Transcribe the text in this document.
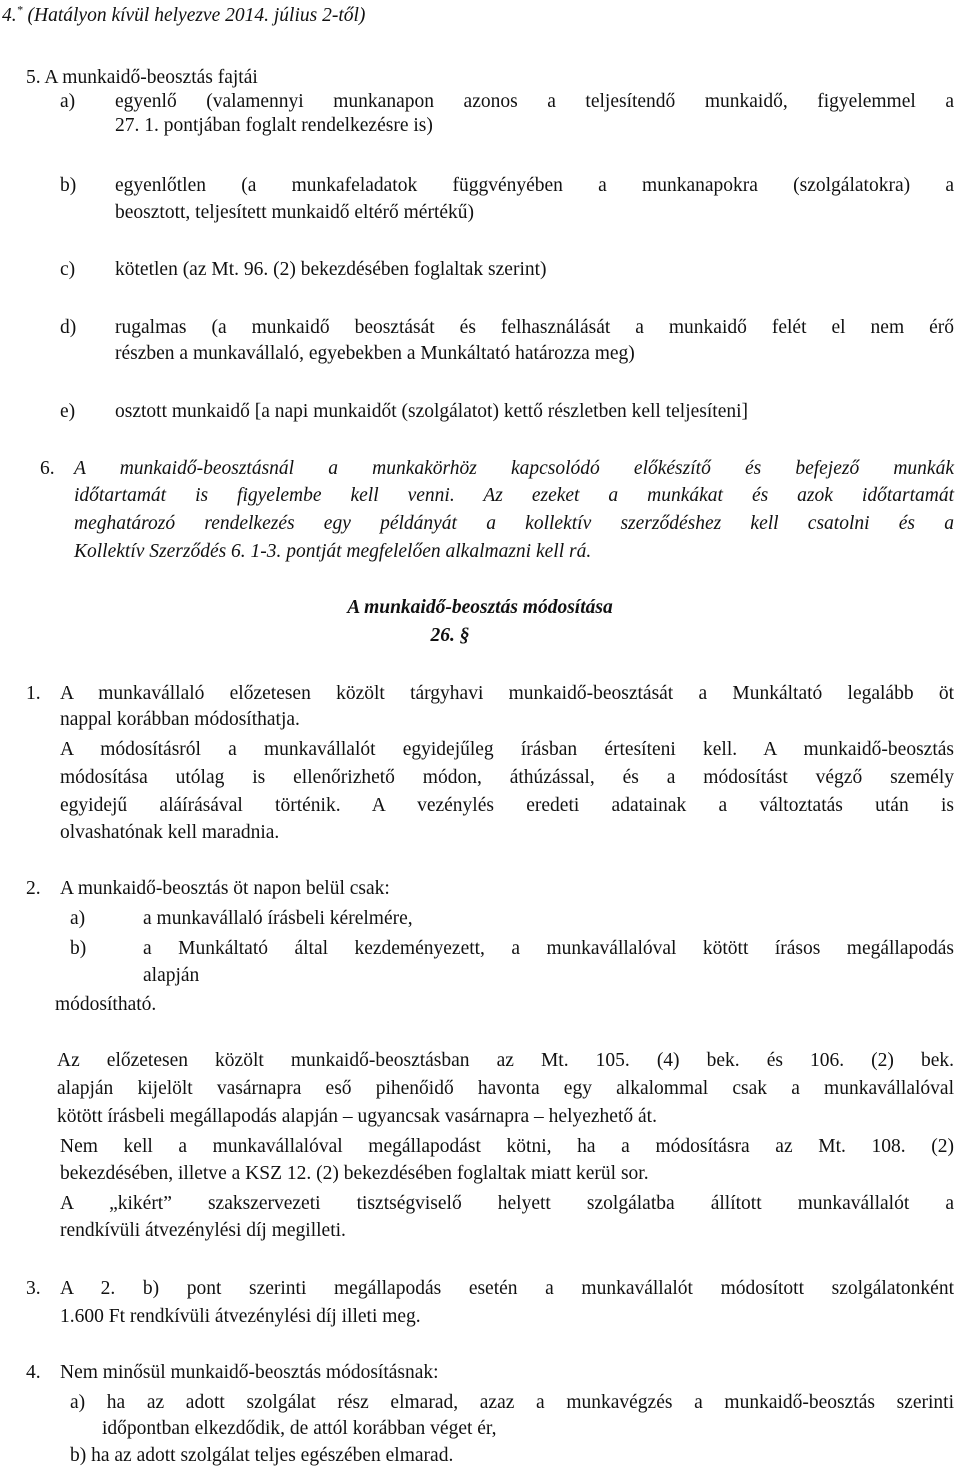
4.* (Hatályon kívül helyezve 2014. július 2-től)
5. A munkaidő-beosztás fajtái
a) egyenlő (valamennyi munkanapon azonos a teljesítendő munkaidő, figyelemmel a
27. 1. pontjában foglalt rendelkezésre is)
b) egyenlőtlen (a munkafeladatok függvényében a munkanapokra (szolgálatokra) a
beosztott, teljesített munkaidő eltérő mértékű)
c) kötetlen (az Mt. 96. (2) bekezdésében foglaltak szerint)
d) rugalmas (a munkaidő beosztását és felhasználását a munkaidő felét el nem érő
részben a munkavállaló, egyebekben a Munkáltató határozza meg)
e) osztott munkaidő [a napi munkaidőt (szolgálatot) kettő részletben kell teljesíteni]
6. A munkaidő-beosztásnál a munkakörhöz kapcsolódó előkészítő és befejező munkák
időtartamát is figyelembe kell venni. Az ezeket a munkákat és azok időtartamát
meghatározó rendelkezés egy példányát a kollektív szerződéshez kell csatolni és a
Kollektív Szerződés 6. 1-3. pontját megfelelően alkalmazni kell rá.
A munkaidő-beosztás módosítása
26. §
1. A munkavállaló előzetesen közölt tárgyhavi munkaidő-beosztását a Munkáltató legalább öt
nappal korábban módosíthatja.
A módosításról a munkavállalót egyidejűleg írásban értesíteni kell. A munkaidő-beosztás
módosítása utólag is ellenőrizhető módon, áthúzással, és a módosítást végző személy
egyidejű aláírásával történik. A vezénylés eredeti adatainak a változtatás után is
olvashatónak kell maradnia.
2. A munkaidő-beosztás öt napon belül csak:
a)	a munkavállaló írásbeli kérelmére,
b)	a Munkáltató által kezdeményezett, a munkavállalóval kötött írásos megállapodás
alapján
módosítható.
Az előzetesen közölt munkaidő-beosztásban az Mt. 105. (4) bek. és 106. (2) bek.
alapján kijelölt vasárnapra eső pihenőidő havonta egy alkalommal csak a munkavállalóval
kötött írásbeli megállapodás alapján – ugyancsak vasárnapra – helyezhető át.
Nem kell a munkavállalóval megállapodást kötni, ha a módosításra az Mt. 108. (2)
bekezdésében, illetve a KSZ 12. (2) bekezdésében foglaltak miatt kerül sor.
A „kikért” szakszervezeti tisztségviselő helyett szolgálatba állított munkavállalót a
rendkívüli átvezénylési díj megilleti.
3. A 2. b) pont szerinti megállapodás esetén a munkavállalót módosított szolgálatonként
1.600 Ft rendkívüli átvezénylési díj illeti meg.
4. Nem minősül munkaidő-beosztás módosításnak:
a) ha az adott szolgálat rész elmarad, azaz a munkavégzés a munkaidő-beosztás szerinti
időpontban elkezdődik, de attól korábban véget ér,
b) ha az adott szolgálat teljes egészében elmarad.
